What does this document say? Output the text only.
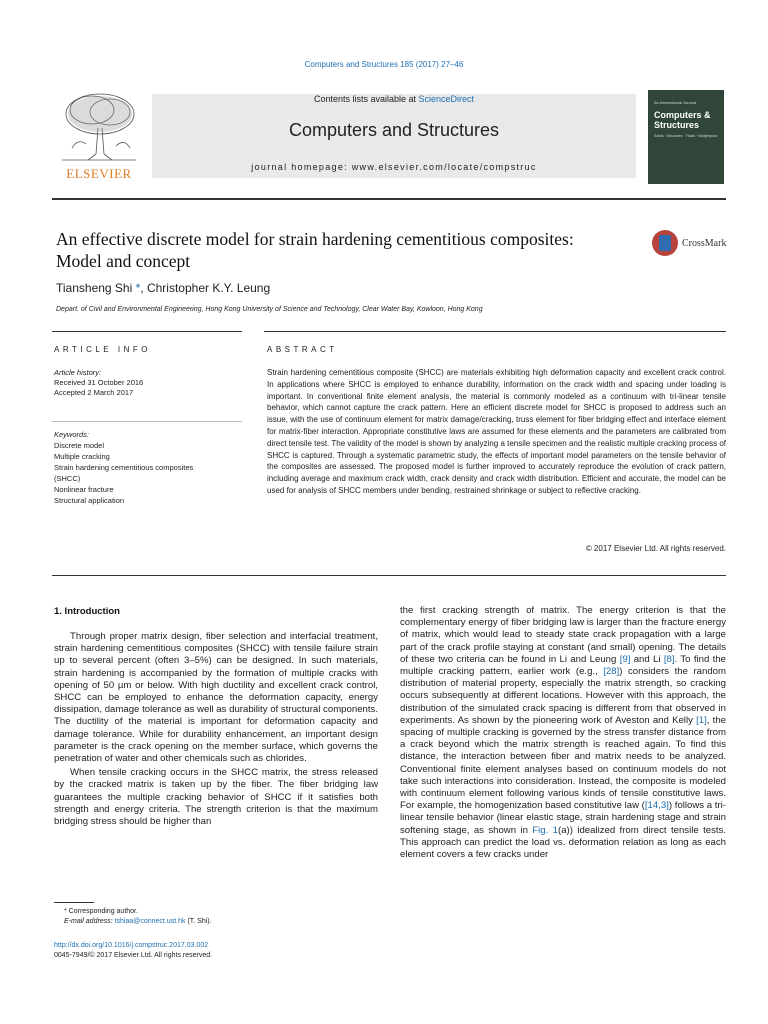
Computers and Structures 185 (2017) 27–46
ELSEVIER
Contents lists available at ScienceDirect
Computers and Structures
journal homepage: www.elsevier.com/locate/compstruc
An International Journal
Computers & Structures
Solids · Structures · Fluids · Multiphysics
An effective discrete model for strain hardening cementitious composites: Model and concept
CrossMark
Tiansheng Shi *, Christopher K.Y. Leung
Depart. of Civil and Environmental Engineering, Hong Kong University of Science and Technology, Clear Water Bay, Kowloon, Hong Kong
ARTICLE INFO	ABSTRACT
Article history:
Received 31 October 2016
Accepted 2 March 2017
Keywords:
Discrete model
Multiple cracking
Strain hardening cementitious composites
(SHCC)
Nonlinear fracture
Structural application
Strain hardening cementitious composite (SHCC) are materials exhibiting high deformation capacity and excellent crack control. In applications where SHCC is employed to enhance durability, information on the crack width and spacing under loading is important. In conventional finite element analysis, the material is commonly modeled as a continuum with tri-linear tensile behavior, which cannot capture the crack pattern. Here an efficient discrete model for SHCC is proposed to address such an issue, with the use of continuum element for matrix damage/cracking, truss element for fiber bridging effect and interface element for matrix-fiber interaction. Appropriate constitutive laws are assumed for these elements and the parameters are calibrated from direct tensile test. The validity of the model is shown by analyzing a tensile specimen and the realistic multiple cracking process of SHCC is captured. Through a systematic parametric study, the effects of important model parameters on the tensile behavior of the composites are assessed. The proposed model is further improved to accurately reproduce the evolution of crack pattern, including average and maximum crack width, crack density and crack width distribution. Efficient and accurate, the model can be used for analysis of SHCC members under bending, restrained shrinkage or subject to reflective cracking.
© 2017 Elsevier Ltd. All rights reserved.
1. Introduction

Through proper matrix design, fiber selection and interfacial treatment, strain hardening cementitious composites (SHCC) with tensile failure strain up to several percent (often 3–5%) can be designed. In such materials, strain hardening is accompanied by the formation of multiple cracks with opening of 50 µm or below. With high ductility and excellent crack control, SHCC can be employed to enhance the deformation capacity, energy dissipation, damage tolerance as well as durability of structural components. The ductility of the material is important for deformation capacity and damage tolerance. While for durability enhancement, an important design parameter is the crack opening on the member surface, which governs the penetration of water and other chemicals such as chlorides.

When tensile cracking occurs in the SHCC matrix, the stress released by the cracked matrix is taken up by the fiber. The fiber bridging law guarantees the multiple cracking behavior of SHCC if it satisfies both strength and energy criteria. The strength criterion is that the maximum bridging stress should be higher than

the first cracking strength of matrix. The energy criterion is that the complementary energy of fiber bridging law is larger than the fracture energy of matrix, which would lead to steady state crack propagation with a large part of the crack profile staying at constant (and small) opening. The details of these two criteria can be found in Li and Leung [9] and Li [8]. To find the multiple cracking pattern, earlier work (e.g., [28]) considers the random distribution of material property, especially the matrix strength, so cracking occurs subsequently at different locations. However with this approach, the distribution of the simulated crack spacing is different from that observed in experiments. As shown by the pioneering work of Aveston and Kelly [1], the spacing of multiple cracking is governed by the stress transfer distance from a crack beyond which the matrix strength is reached again. To find this distance, the interaction between fiber and matrix needs to be analyzed. Conventional finite element analyses based on continuum models do not take such interactions into consideration. Instead, the composite is modeled with continuum element following various kinds of tensile constitutive laws. For example, the homogenization based constitutive law ([14,3]) follows a tri-linear tensile behavior (linear elastic stage, strain hardening stage and strain softening stage, as shown in Fig. 1(a)) idealized from direct tensile tests. This approach can predict the load vs. deformation relation as long as each element covers a few cracks under

* Corresponding author.
E-mail address: tshiaa@connect.ust.hk (T. Shi).
http://dx.doi.org/10.1016/j.compstruc.2017.03.002
0045-7949/© 2017 Elsevier Ltd. All rights reserved.
